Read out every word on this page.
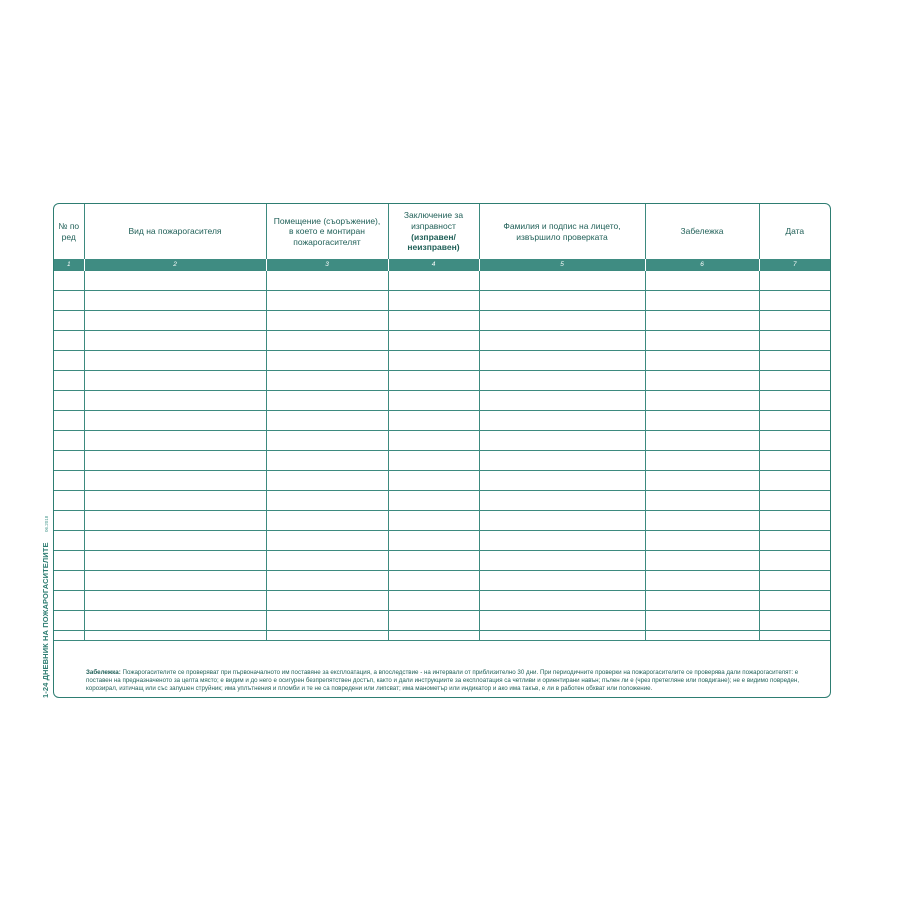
№ по
ред	Вид на пожарогасителя	Помещение (съоръжение),
в което е монтиран
пожарогасителят	Заключение за
изправност
(изправен/
неизправен)	Фамилия и подпис на лицето,
извършило проверката	Забележка	Дата
1	2	3	4	5	6	7

Забележка: Пожарогасителите се проверяват при първоначалното им поставяне за експлоатация, а впоследствие - на интервали от приблизително 30 дни. При периодичните проверки на пожарогасителите се проверява дали пожарогасителят: е поставен на предназначеното за целта място; е видим и до него е осигурен безпрепятствен достъп, както и дали инструкциите за експлоатация са четливи и ориентирани навън; пълен ли е (чрез претегляне или повдигане); не е видимо повреден, корозирал, изтичащ или със запушен струйник; има уплътнения и пломби и те не са повредени или липсват; има манометър или индикатор и ако има такъв, е ли в работен обхват или положение.
1-24 ДНЕВНИК НА ПОЖАРОГАСИТЕЛИТЕ
06.2018
